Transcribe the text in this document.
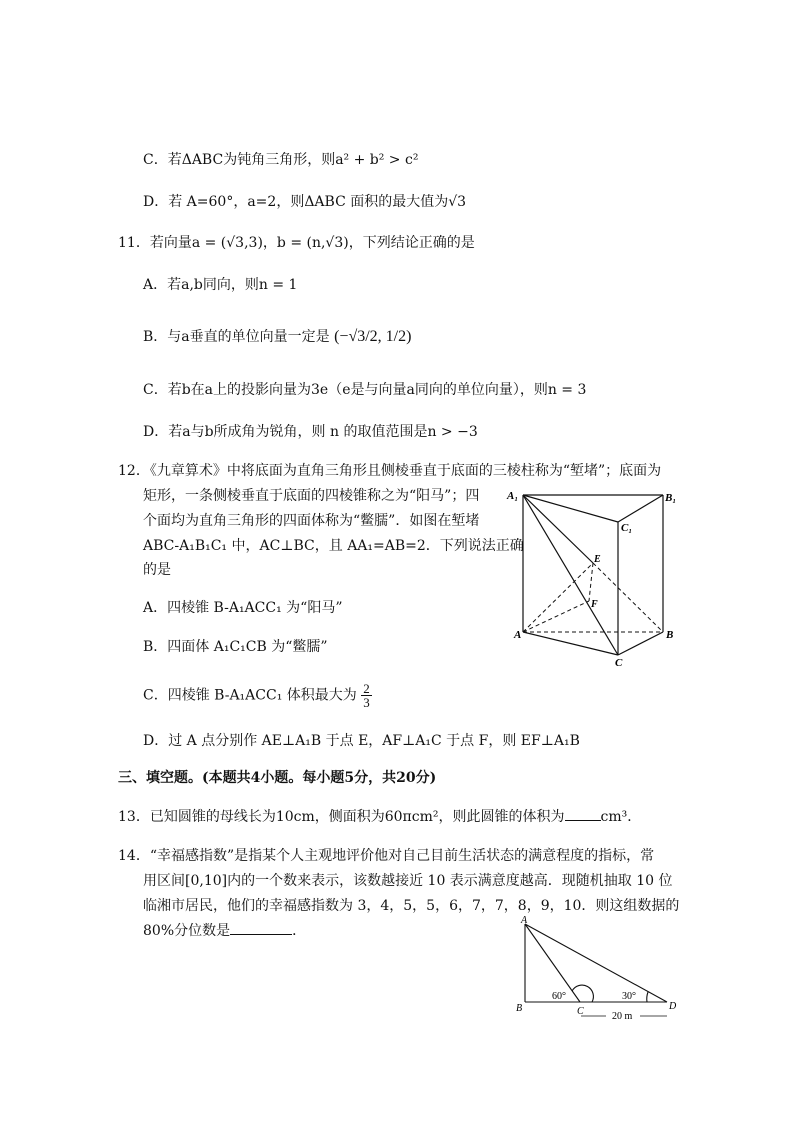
C．若ΔABC为钝角三角形，则a² + b² > c²
D．若 A=60°，a=2，则ΔABC 面积的最大值为√3
11．若向量a = (√3,3)，b = (n,√3)，下列结论正确的是
A．若a,b同向，则n = 1
B．与a垂直的单位向量一定是 (−√3/2, 1/2)
C．若b在a上的投影向量为3e（e是与向量a同向的单位向量），则n = 3
D．若a与b所成角为锐角，则 n 的取值范围是n > −3
12．《九章算术》中将底面为直角三角形且侧棱垂直于底面的三棱柱称为“堑堵”；底面为
矩形，一条侧棱垂直于底面的四棱锥称之为“阳马”；四
个面均为直角三角形的四面体称为“鳖臑”．如图在堑堵
ABC-A₁B₁C₁ 中，AC⊥BC，且 AA₁=AB=2．下列说法正确
的是
A．四棱锥 B-A₁ACC₁ 为“阳马”
B．四面体 A₁C₁CB 为“鳖臑”
C．四棱锥 B-A₁ACC₁ 体积最大为 $\frac{2}{3}$
D．过 A 点分别作 AE⊥A₁B 于点 E，AF⊥A₁C 于点 F，则 EF⊥A₁B
A₁	B₁
C₁
E
F
A	B
C
三、填空题。(本题共4小题。每小题5分，共20分)
13．已知圆锥的母线长为10cm，侧面积为60πcm²，则此圆锥的体积为	cm³．
14．“幸福感指数”是指某个人主观地评价他对自己目前生活状态的满意程度的指标，常
用区间[0,10]内的一个数来表示，该数越接近 10 表示满意度越高．现随机抽取 10 位
临湘市居民，他们的幸福感指数为 3，4，5，5，6，7，7，8，9，10．则这组数据的
80%分位数是	．
A
B	C	D
60°	30°
20 m
